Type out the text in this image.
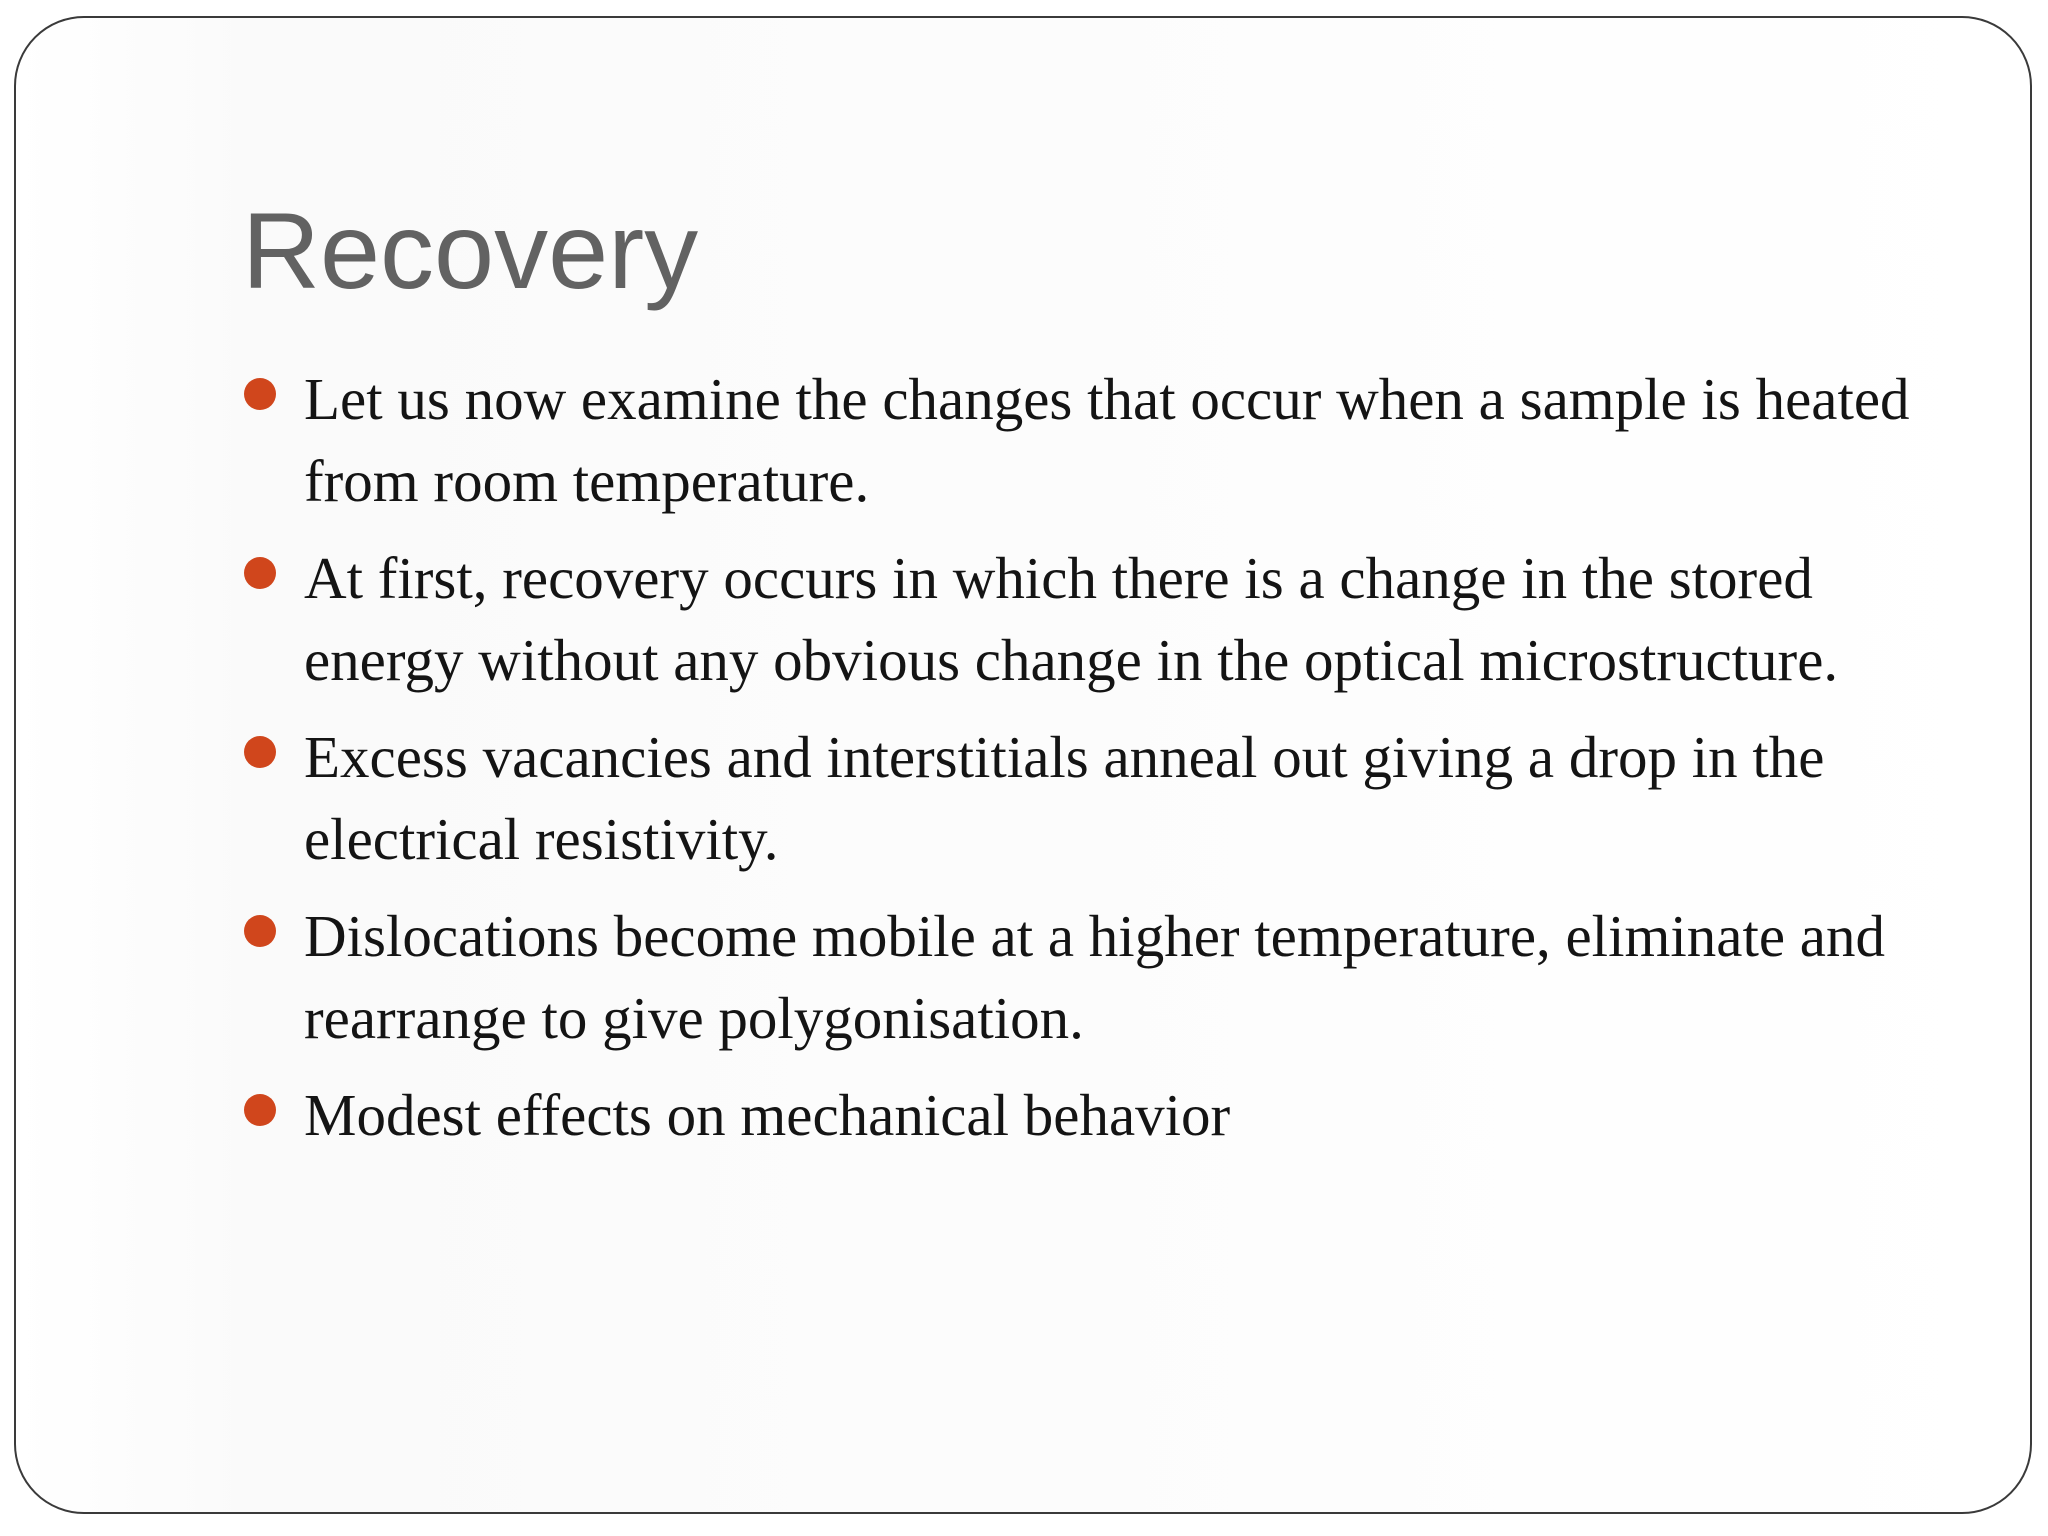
Recovery
Let us now examine the changes that occur when a sample is heated from room temperature.
At first, recovery occurs in which there is a change in the stored energy without any obvious change in the optical microstructure.
Excess vacancies and interstitials anneal out giving a drop in the electrical resistivity.
Dislocations become mobile at a higher temperature, eliminate and rearrange to give polygonisation.
Modest effects on mechanical behavior
